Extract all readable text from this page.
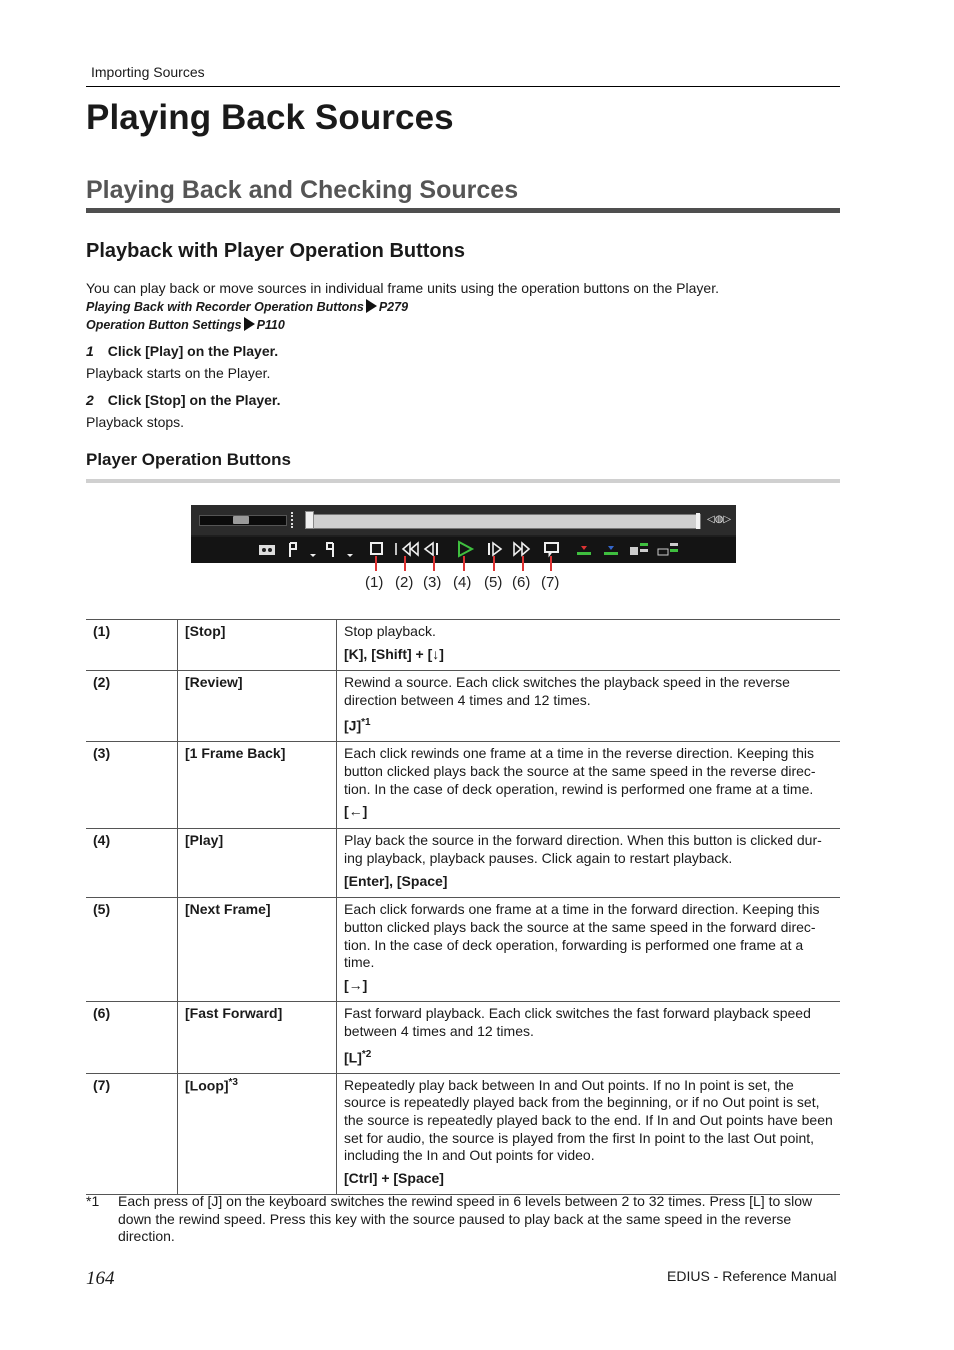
Importing Sources
Playing Back Sources
Playing Back and Checking Sources
Playback with Player Operation Buttons
You can play back or move sources in individual frame units using the operation buttons on the Player.
Playing Back with Recorder Operation Buttons P279
Operation Button Settings P110
1 Click [Play] on the Player.
Playback starts on the Player.
2 Click [Stop] on the Player.
Playback stops.
Player Operation Buttons
◁◍▷
(1) (2) (3) (4) (5) (6) (7)
(1)	[Stop]	Stop playback.
[K], [Shift] + [↓]

(2)	[Review]	Rewind a source. Each click switches the playback speed in the reverse direction between 4 times and 12 times.
$[J]^{*1}$

(3)	[1 Frame Back]	Each click rewinds one frame at a time in the reverse direction. Keeping this button clicked plays back the source at the same speed in the reverse direc-tion. In the case of deck operation, rewind is performed one frame at a time.
[←]

(4)	[Play]	Play back the source in the forward direction. When this button is clicked dur-ing playback, playback pauses. Click again to restart playback.
[Enter], [Space]

(5)	[Next Frame]	Each click forwards one frame at a time in the forward direction. Keeping this button clicked plays back the source at the same speed in the forward direc-tion. In the case of deck operation, forwarding is performed one frame at a time.
[→]

(6)	[Fast Forward]	Fast forward playback. Each click switches the fast forward playback speed between 4 times and 12 times.
$[L]^{*2}$

(7)	[Loop]$^{*3}$	Repeatedly play back between In and Out points. If no In point is set, the source is repeatedly played back from the beginning, or if no Out point is set, the source is repeatedly played back to the end. If In and Out points have been set for audio, the source is played from the first In point to the last Out point, including the In and Out points for video.
[Ctrl] + [Space]
*1 Each press of [J] on the keyboard switches the rewind speed in 6 levels between 2 to 32 times. Press [L] to slow down the rewind speed. Press this key with the source paused to play back at the same speed in the reverse direction.
164	EDIUS - Reference Manual
